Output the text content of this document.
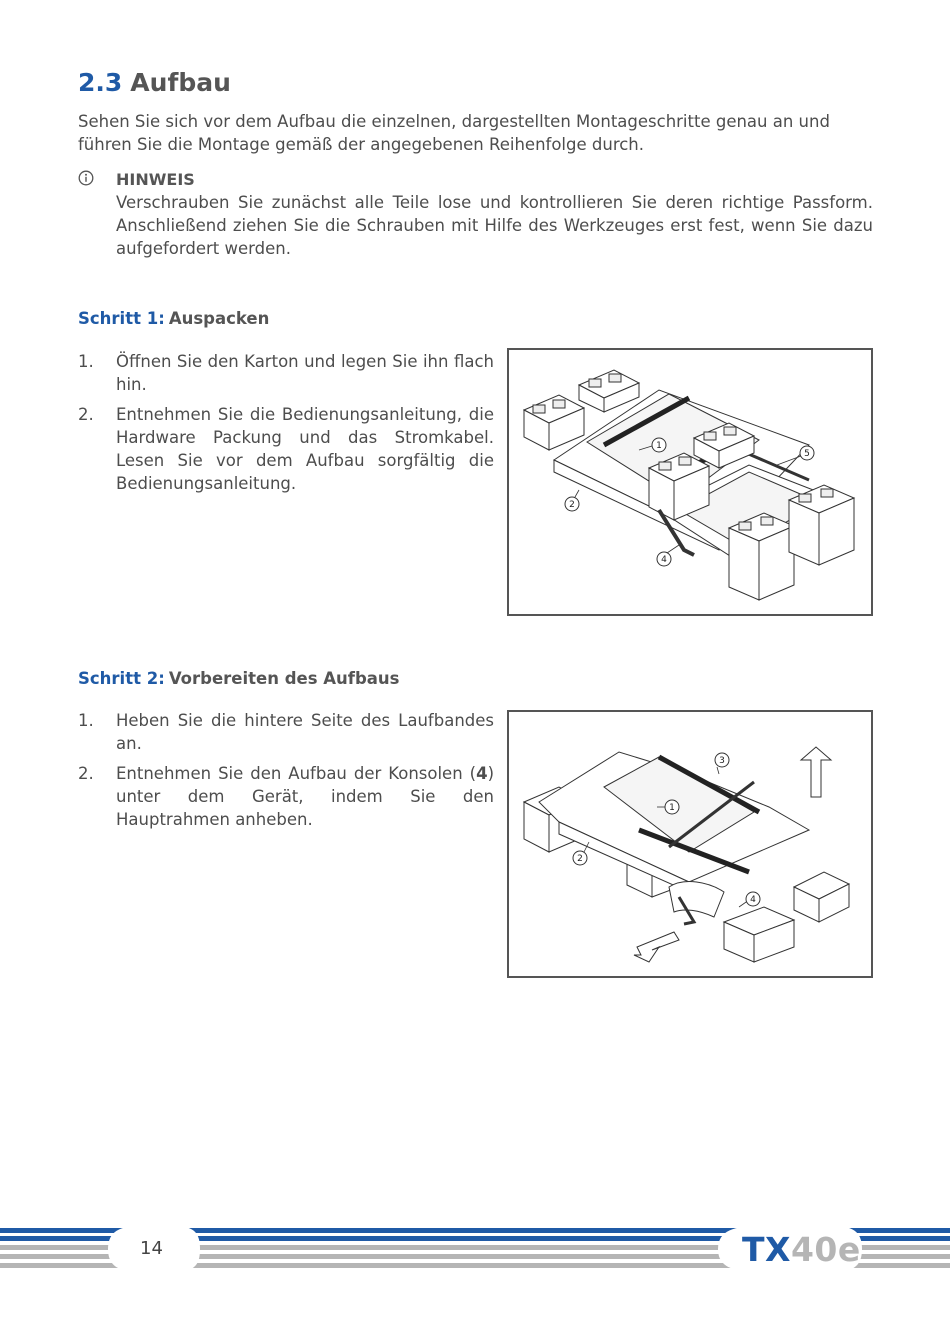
2.3 Aufbau
Sehen Sie sich vor dem Aufbau die einzelnen, dargestellten Montageschritte genau an und führen Sie die Montage gemäß der angegebenen Reihenfolge durch.
HINWEIS
Verschrauben Sie zunächst alle Teile lose und kontrollieren Sie deren richtige Passform. Anschließend ziehen Sie die Schrauben mit Hilfe des Werkzeuges erst fest, wenn Sie dazu aufgefordert werden.
Schritt 1: Auspacken
1.	Öffnen Sie den Karton und legen Sie ihn flach hin.
2.	Entnehmen Sie die Bedienungsanleitung, die Hardware Packung und das Stromkabel. Lesen Sie vor dem Aufbau sorgfältig die Bedienungsanleitung.
1
2
4
5
Schritt 2: Vorbereiten des Aufbaus
1.	Heben Sie die hintere Seite des Laufbandes an.
2.	Entnehmen Sie den Aufbau der Konsolen (4) unter dem Gerät, indem Sie den Hauptrahmen anheben.
1
2
3
4
14	TX40e
